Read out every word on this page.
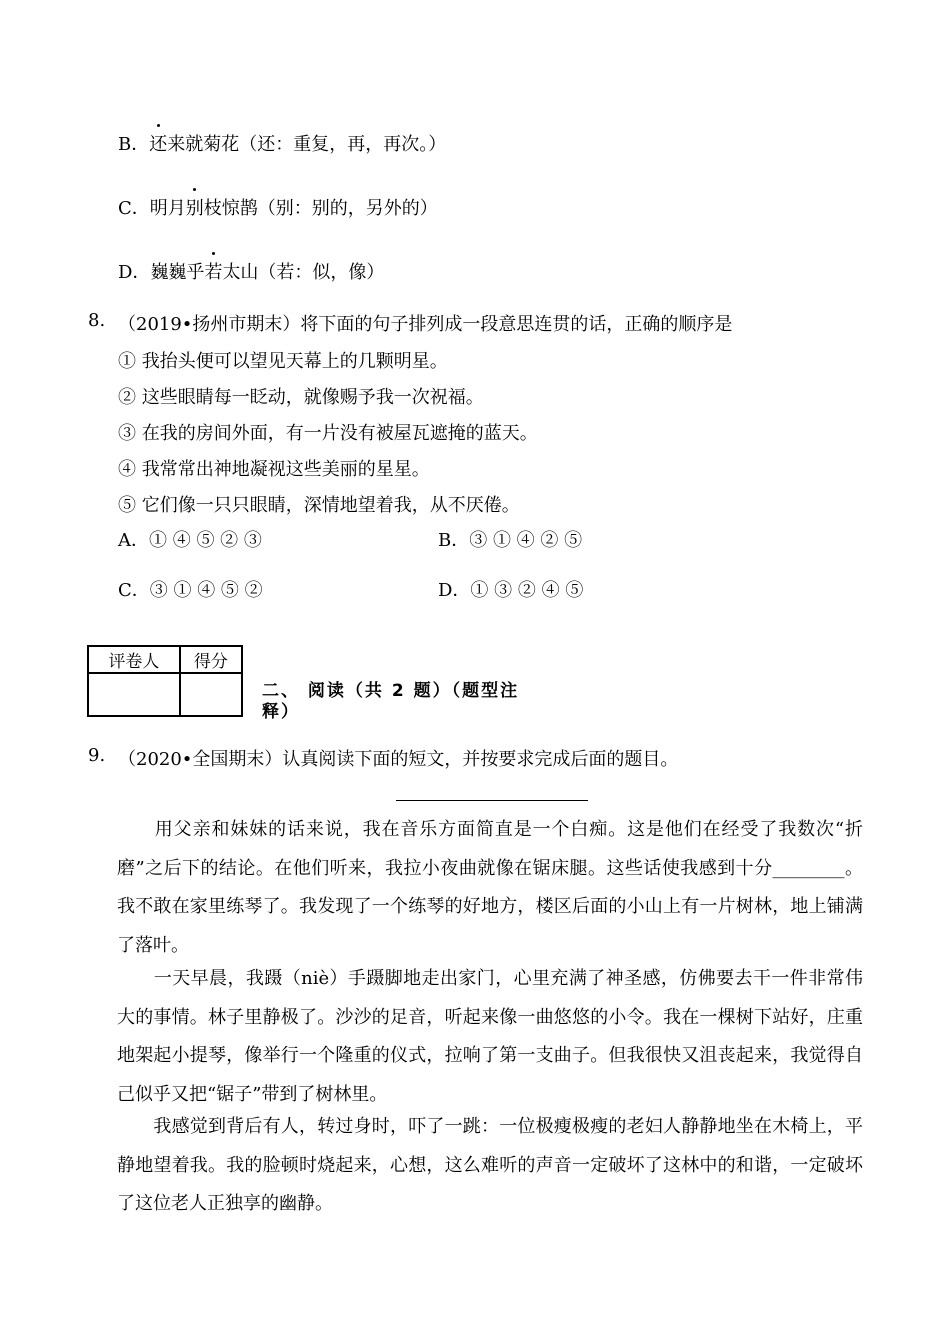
B．还来就菊花（还：重复，再，再次。）
C．明月别枝惊鹊（别：别的，另外的）
D．巍巍乎若太山（若：似，像）
8. （2019•扬州市期末）将下面的句子排列成一段意思连贯的话，正确的顺序是
① 我抬头便可以望见天幕上的几颗明星。
② 这些眼睛每一眨动，就像赐予我一次祝福。
③ 在我的房间外面，有一片没有被屋瓦遮掩的蓝天。
④ 我常常出神地凝视这些美丽的星星。
⑤ 它们像一只只眼睛，深情地望着我，从不厌倦。
A．① ④ ⑤ ② ③	B．③ ① ④ ② ⑤
C．③ ① ④ ⑤ ②	D．① ③ ② ④ ⑤
评卷人	得分

二、 阅读（共 2 题）（题型注
释）
9. （2020•全国期末）认真阅读下面的短文，并按要求完成后面的题目。
　　用父亲和妹妹的话来说，我在音乐方面简直是一个白痴。这是他们在经受了我数次“折磨”之后下的结论。在他们听来，我拉小夜曲就像在锯床腿。这些话使我感到十分________。我不敢在家里练琴了。我发现了一个练琴的好地方，楼区后面的小山上有一片树林，地上铺满了落叶。
　　一天早晨，我蹑（niè）手蹑脚地走出家门，心里充满了神圣感，仿佛要去干一件非常伟大的事情。林子里静极了。沙沙的足音，听起来像一曲悠悠的小令。我在一棵树下站好，庄重地架起小提琴，像举行一个隆重的仪式，拉响了第一支曲子。但我很快又沮丧起来，我觉得自己似乎又把“锯子”带到了树林里。
　　我感觉到背后有人，转过身时，吓了一跳：一位极瘦极瘦的老妇人静静地坐在木椅上，平静地望着我。我的脸顿时烧起来，心想，这么难听的声音一定破坏了这林中的和谐，一定破坏了这位老人正独享的幽静。
